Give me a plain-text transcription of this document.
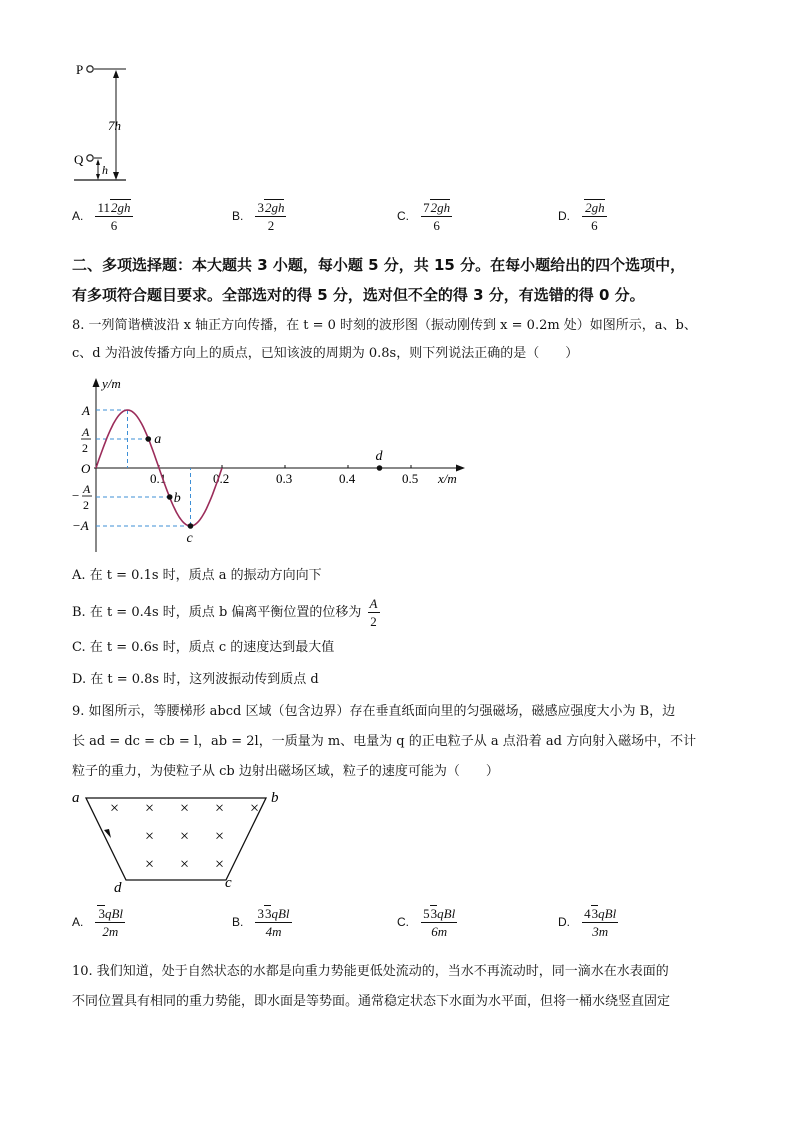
P
Q
7h
h
A. $\frac{112gh}{6}$	B. $\frac{32gh}{2}$	C. $\frac{72gh}{6}$	D. $\frac{2gh}{6}$
二、多项选择题：本大题共 3 小题，每小题 5 分，共 15 分。在每小题给出的四个选项中，
有多项符合题目要求。全部选对的得 5 分，选对但不全的得 3 分，有选错的得 0 分。
8. 一列简谐横波沿 x 轴正方向传播，在 t = 0 时刻的波形图（振动刚传到 x = 0.2m 处）如图所示，a、b、
c、d 为沿波传播方向上的质点，已知该波的周期为 0.8s，则下列说法正确的是（　　）
y/m
x/m
O
A
A
2
− A
2
−A
0.1	0.2	0.3	0.4	0.5
a
b
c
d
A. 在 t = 0.1s 时，质点 a 的振动方向向下
B. 在 t = 0.4s 时，质点 b 偏离平衡位置的位移为 $\frac{A}{2}$
C. 在 t = 0.6s 时，质点 c 的速度达到最大值
D. 在 t = 0.8s 时，这列波振动传到质点 d
9. 如图所示，等腰梯形 abcd 区域（包含边界）存在垂直纸面向里的匀强磁场，磁感应强度大小为 B，边
长 ad = dc = cb = l，ab = 2l，一质量为 m、电量为 q 的正电粒子从 a 点沿着 ad 方向射入磁场中，不计
粒子的重力，为使粒子从 cb 边射出磁场区域，粒子的速度可能为（　　）
a	b
c
d
× × × × ×
× × ×
× × ×
A. $\frac{\text{3qBl}}{2m}$	B. $\frac{\text{33qBl}}{4m}$	C. $\frac{\text{53qBl}}{6m}$	D. $\frac{\text{43qBl}}{3m}$
10. 我们知道，处于自然状态的水都是向重力势能更低处流动的，当水不再流动时，同一滴水在水表面的
不同位置具有相同的重力势能，即水面是等势面。通常稳定状态下水面为水平面，但将一桶水绕竖直固定
